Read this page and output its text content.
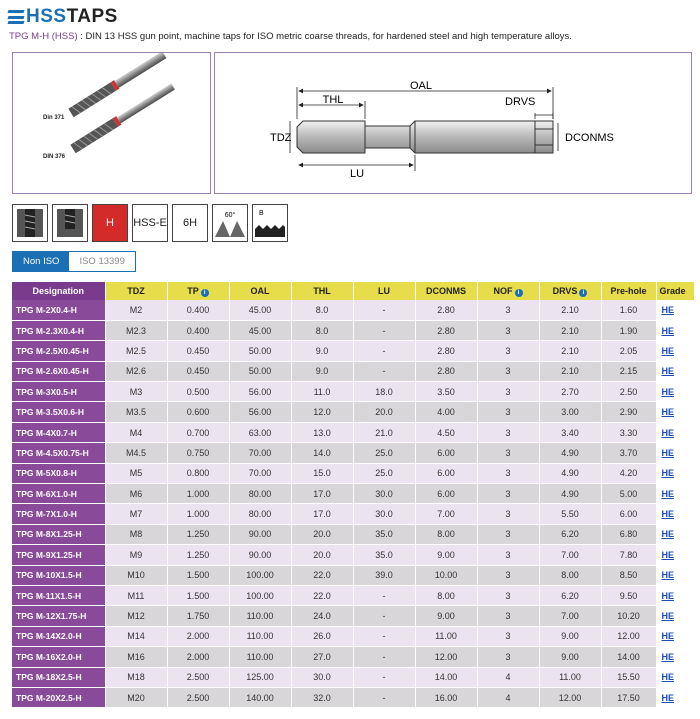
HSSTAPS
TPG M-H (HSS) : DIN 13 HSS gun point, machine taps for ISO metric coarse threads, for hardened steel and high temperature alloys.
Din 371
DIN 376
OAL
THL
TDZ
LU
DRVS
DCONMS
H	HSS-E	6H
60°	B
Non ISO	ISO 13399
Designation	TDZ	TP i	OAL	THL	LU	DCONMS	NOF i	DRVS i	Pre-hole	Grade
TPG M-2X0.4-H	M2	0.400	45.00	8.0	-	2.80	3	2.10	1.60	HE
TPG M-2.3X0.4-H	M2.3	0.400	45.00	8.0	-	2.80	3	2.10	1.90	HE
TPG M-2.5X0.45-H	M2.5	0.450	50.00	9.0	-	2.80	3	2.10	2.05	HE
TPG M-2.6X0.45-H	M2.6	0.450	50.00	9.0	-	2.80	3	2.10	2.15	HE
TPG M-3X0.5-H	M3	0.500	56.00	11.0	18.0	3.50	3	2.70	2.50	HE
TPG M-3.5X0.6-H	M3.5	0.600	56.00	12.0	20.0	4.00	3	3.00	2.90	HE
TPG M-4X0.7-H	M4	0.700	63.00	13.0	21.0	4.50	3	3.40	3.30	HE
TPG M-4.5X0.75-H	M4.5	0.750	70.00	14.0	25.0	6.00	3	4.90	3.70	HE
TPG M-5X0.8-H	M5	0.800	70.00	15.0	25.0	6.00	3	4.90	4.20	HE
TPG M-6X1.0-H	M6	1.000	80.00	17.0	30.0	6.00	3	4.90	5.00	HE
TPG M-7X1.0-H	M7	1.000	80.00	17.0	30.0	7.00	3	5.50	6.00	HE
TPG M-8X1.25-H	M8	1.250	90.00	20.0	35.0	8.00	3	6.20	6.80	HE
TPG M-9X1.25-H	M9	1.250	90.00	20.0	35.0	9.00	3	7.00	7.80	HE
TPG M-10X1.5-H	M10	1.500	100.00	22.0	39.0	10.00	3	8.00	8.50	HE
TPG M-11X1.5-H	M11	1.500	100.00	22.0	-	8.00	3	6.20	9.50	HE
TPG M-12X1.75-H	M12	1.750	110.00	24.0	-	9.00	3	7.00	10.20	HE
TPG M-14X2.0-H	M14	2.000	110.00	26.0	-	11.00	3	9.00	12.00	HE
TPG M-16X2.0-H	M16	2.000	110.00	27.0	-	12.00	3	9.00	14.00	HE
TPG M-18X2.5-H	M18	2.500	125.00	30.0	-	14.00	4	11.00	15.50	HE
TPG M-20X2.5-H	M20	2.500	140.00	32.0	-	16.00	4	12.00	17.50	HE
